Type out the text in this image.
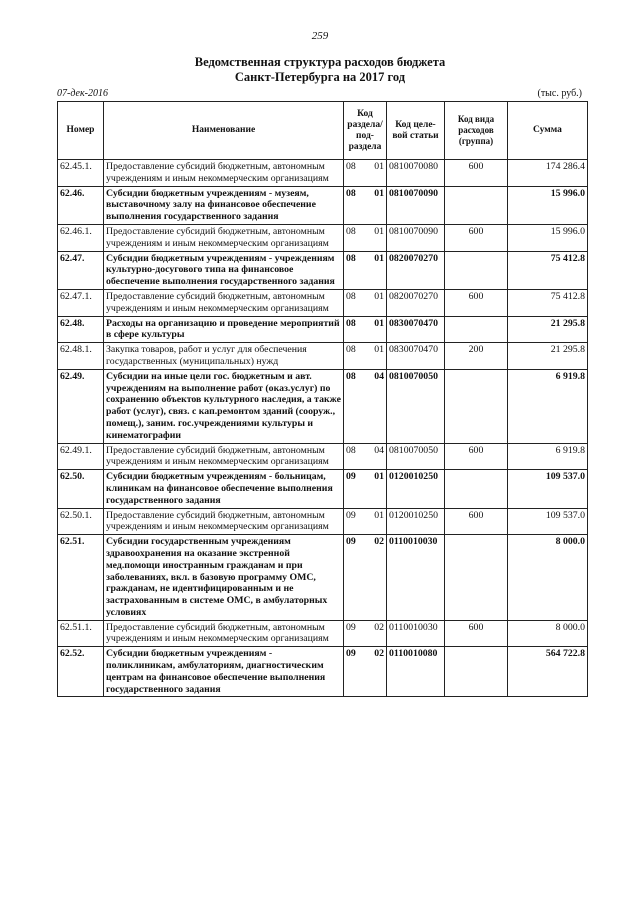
259
Ведомственная структура расходов бюджета
Санкт-Петербурга на 2017 год
07-дек-2016	(тыс. руб.)
Номер	Наименование	Код раздела/ под- раздела	Код целе- вой статьи	Код вида расходов (группа)	Сумма
62.45.1.	Предоставление субсидий бюджетным, автономным учреждениям и иным некоммерческим организациям	08 01	0810070080	600	174 286.4
62.46.	Субсидии бюджетным учреждениям - музеям, выставочному залу на финансовое обеспечение выполнения государственного задания	08 01	0810070090		15 996.0
62.46.1.	Предоставление субсидий бюджетным, автономным учреждениям и иным некоммерческим организациям	08 01	0810070090	600	15 996.0
62.47.	Субсидии бюджетным учреждениям - учреждениям культурно-досугового типа на финансовое обеспечение выполнения государственного задания	08 01	0820070270		75 412.8
62.47.1.	Предоставление субсидий бюджетным, автономным учреждениям и иным некоммерческим организациям	08 01	0820070270	600	75 412.8
62.48.	Расходы на организацию и проведение мероприятий в сфере культуры	08 01	0830070470		21 295.8
62.48.1.	Закупка товаров, работ и услуг для обеспечения государственных (муниципальных) нужд	08 01	0830070470	200	21 295.8
62.49.	Субсидии на иные цели гос. бюджетным и авт. учреждениям на выполнение работ (оказ.услуг) по сохранению объектов культурного наследия, а также работ (услуг), связ. с кап.ремонтом зданий (сооруж., помещ.), заним. гос.учреждениями культуры и кинематографии	08 04	0810070050		6 919.8
62.49.1.	Предоставление субсидий бюджетным, автономным учреждениям и иным некоммерческим организациям	08 04	0810070050	600	6 919.8
62.50.	Субсидии бюджетным учреждениям - больницам, клиникам на финансовое обеспечение выполнения государственного задания	09 01	0120010250		109 537.0
62.50.1.	Предоставление субсидий бюджетным, автономным учреждениям и иным некоммерческим организациям	09 01	0120010250	600	109 537.0
62.51.	Субсидии государственным учреждениям здравоохранения на оказание экстренной мед.помощи иностранным гражданам и при заболеваниях, вкл. в базовую программу ОМС, гражданам, не идентифицированным и не застрахованным в системе ОМС, в амбулаторных условиях	09 02	0110010030		8 000.0
62.51.1.	Предоставление субсидий бюджетным, автономным учреждениям и иным некоммерческим организациям	09 02	0110010030	600	8 000.0
62.52.	Субсидии бюджетным учреждениям - поликлиникам, амбулаториям, диагностическим центрам на финансовое обеспечение выполнения государственного задания	09 02	0110010080		564 722.8
